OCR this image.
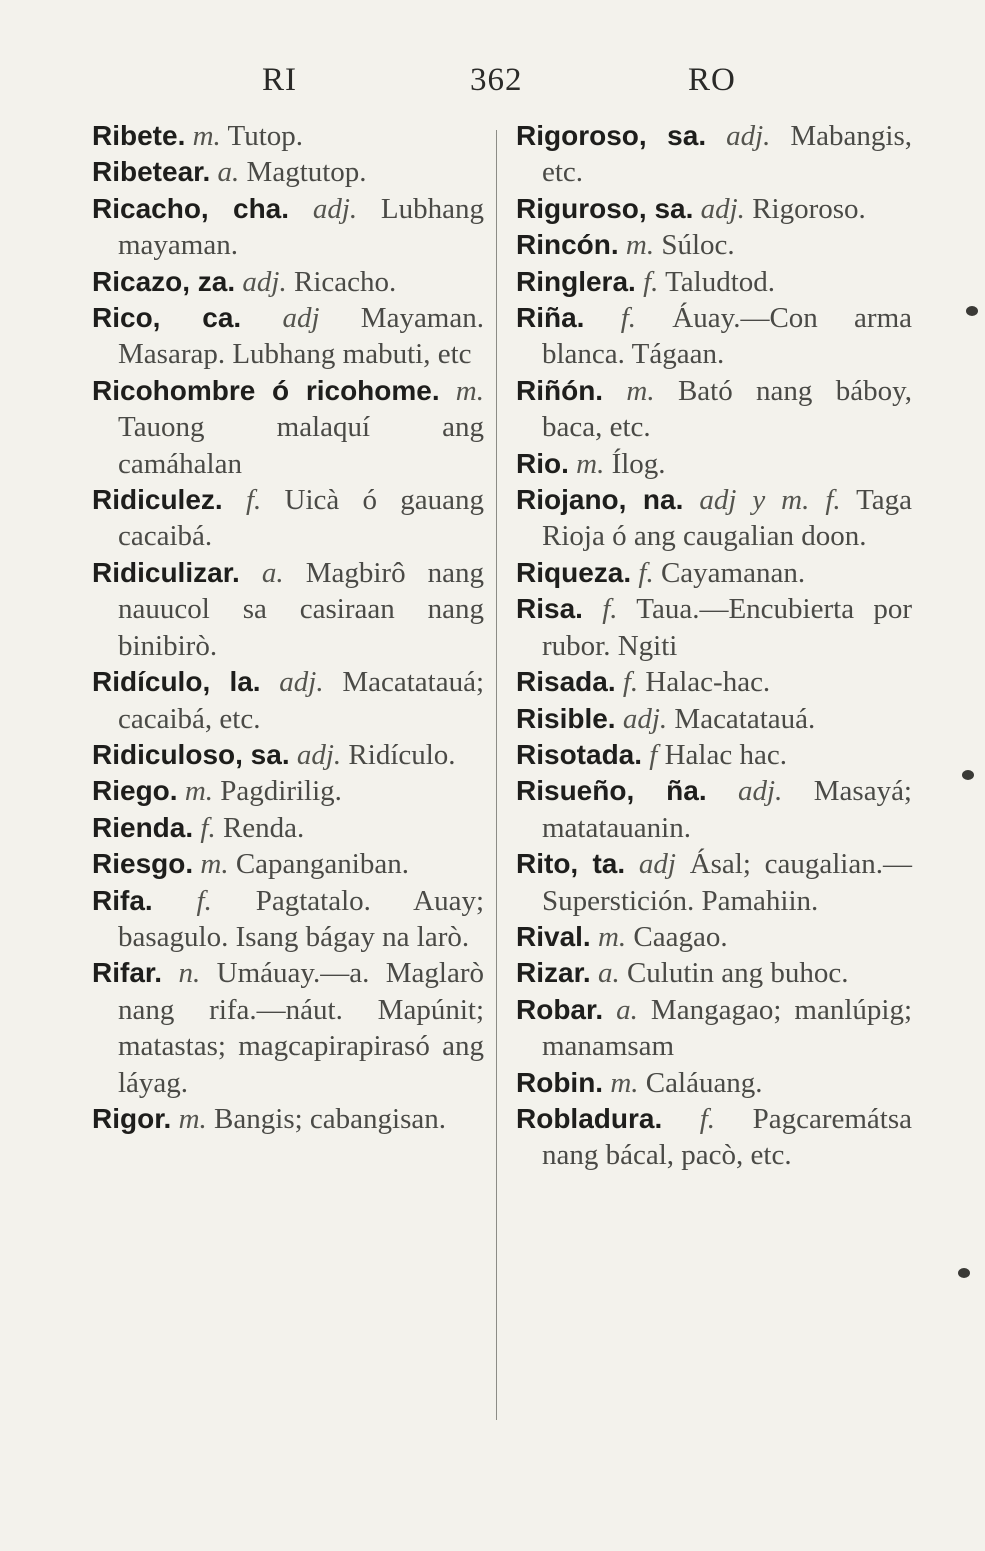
RI	362	RO

Ribete. m. Tutop.

Ribetear. a. Magtutop.

Ricacho, cha. adj. Lubhang mayaman.

Ricazo, za. adj. Ricacho.

Rico, ca. adj Mayaman. Masarap. Lubhang mabuti, etc

Ricohombre ó ricohome. m. Tauong malaquí ang camáhalan

Ridiculez. f. Uicà ó gauang cacaibá.

Ridiculizar. a. Magbirô nang nauucol sa casiraan nang binibirò.

Ridículo, la. adj. Macatatauá; cacaibá, etc.

Ridiculoso, sa. adj. Ridículo.

Riego. m. Pagdirilig.

Rienda. f. Renda.

Riesgo. m. Capanganiban.

Rifa. f. Pagtatalo. Auay; basagulo. Isang bágay na larò.

Rifar. n. Umáuay.—a. Maglarò nang rifa.—náut. Mapúnit; matastas; magcapirapirasó ang láyag.

Rigor. m. Bangis; cabangisan.

Rigoroso, sa. adj. Mabangis, etc.

Riguroso, sa. adj. Rigoroso.

Rincón. m. Súloc.

Ringlera. f. Taludtod.

Riña. f. Áuay.—Con arma blanca. Tágaan.

Riñón. m. Bató nang báboy, baca, etc.

Rio. m. Ílog.

Riojano, na. adj y m. f. Taga Rioja ó ang caugalian doon.

Riqueza. f. Cayamanan.

Risa. f. Taua.—Encubierta por rubor. Ngiti

Risada. f. Halac-hac.

Risible. adj. Macatatauá.

Risotada. f Halac hac.

Risueño, ña. adj. Masayá; matatauanin.

Rito, ta. adj Ásal; caugalian.—Superstición. Pamahiin.

Rival. m. Caagao.

Rizar. a. Culutin ang buhoc.

Robar. a. Mangagao; manlúpig; manamsam

Robin. m. Caláuang.

Robladura. f. Pagcaremátsa nang bácal, pacò, etc.
